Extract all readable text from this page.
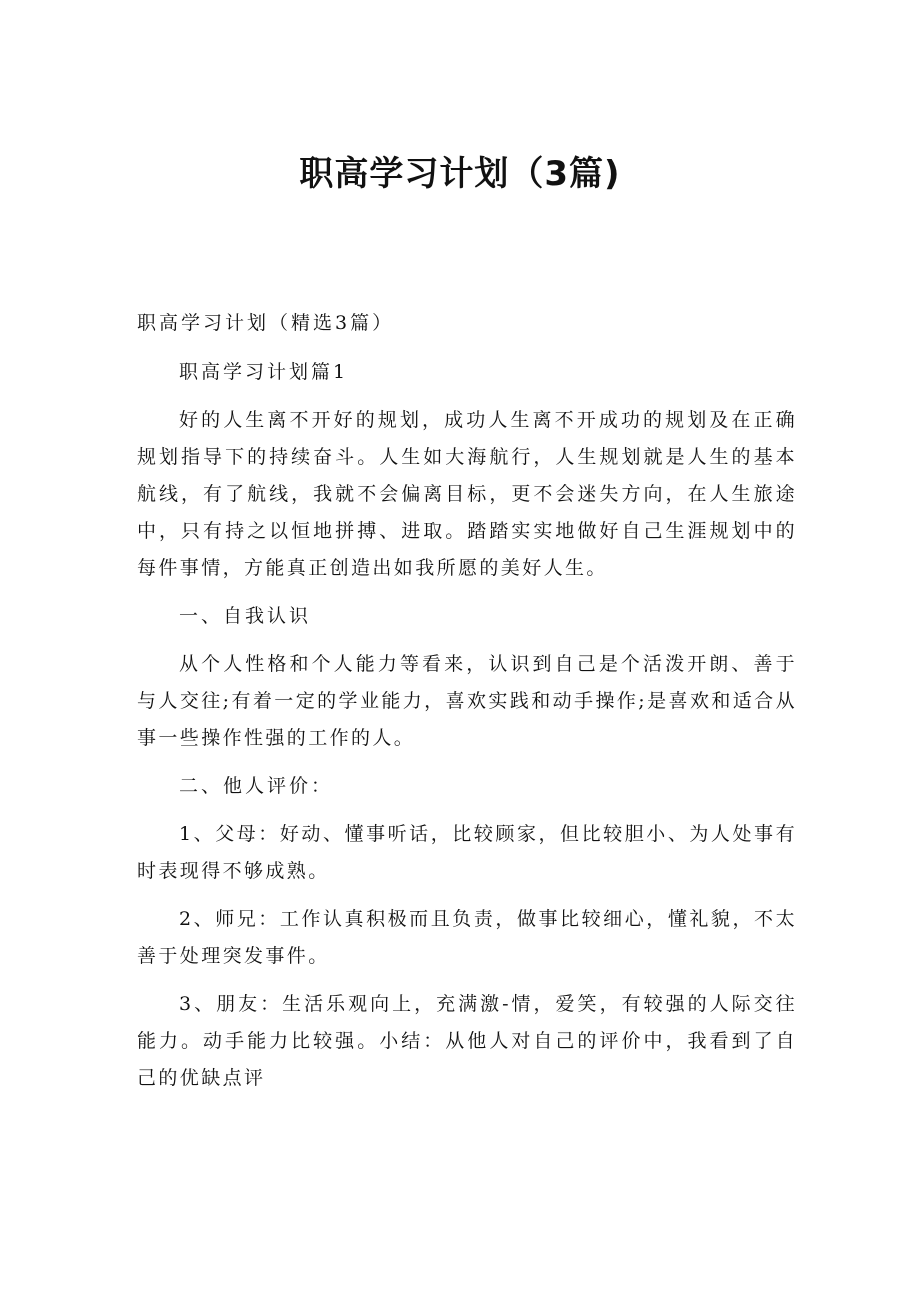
职高学习计划（3篇)

职高学习计划（精选3篇）

职高学习计划篇1

好的人生离不开好的规划，成功人生离不开成功的规划及在正确规划指导下的持续奋斗。人生如大海航行，人生规划就是人生的基本航线，有了航线，我就不会偏离目标，更不会迷失方向，在人生旅途中，只有持之以恒地拼搏、进取。踏踏实实地做好自己生涯规划中的每件事情，方能真正创造出如我所愿的美好人生。

一、自我认识

从个人性格和个人能力等看来，认识到自己是个活泼开朗、善于与人交往;有着一定的学业能力，喜欢实践和动手操作;是喜欢和适合从事一些操作性强的工作的人。

二、他人评价：

1、父母：好动、懂事听话，比较顾家，但比较胆小、为人处事有时表现得不够成熟。

2、师兄：工作认真积极而且负责，做事比较细心，懂礼貌，不太善于处理突发事件。

3、朋友：生活乐观向上，充满激-情，爱笑，有较强的人际交往能力。动手能力比较强。小结：从他人对自己的评价中，我看到了自己的优缺点评
